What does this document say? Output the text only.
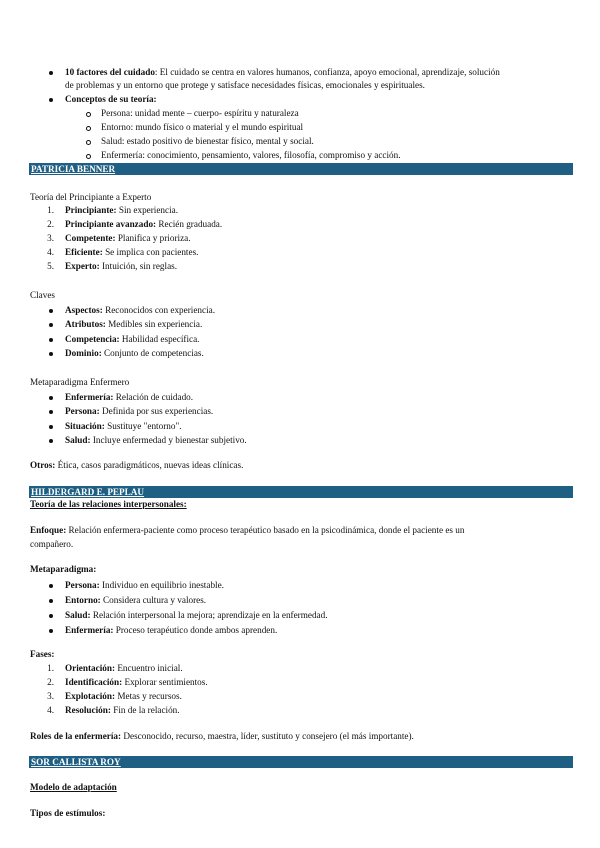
10 factores del cuidado: El cuidado se centra en valores humanos, confianza, apoyo emocional, aprendizaje, solución
de problemas y un entorno que protege y satisface necesidades físicas, emocionales y espirituales.
Conceptos de su teoría:
Persona: unidad mente – cuerpo- espíritu y naturaleza
Entorno: mundo físico o material y el mundo espiritual
Salud: estado positivo de bienestar físico, mental y social.
Enfermería: conocimiento, pensamiento, valores, filosofía, compromiso y acción.
PATRICIA BENNER
Teoría del Principiante a Experto
1. Principiante: Sin experiencia.
2. Principiante avanzado: Recién graduada.
3. Competente: Planifica y prioriza.
4. Eficiente: Se implica con pacientes.
5. Experto: Intuición, sin reglas.
Claves
Aspectos: Reconocidos con experiencia.
Atributos: Medibles sin experiencia.
Competencia: Habilidad específica.
Dominio: Conjunto de competencias.
Metaparadigma Enfermero
Enfermería: Relación de cuidado.
Persona: Definida por sus experiencias.
Situación: Sustituye "entorno".
Salud: Incluye enfermedad y bienestar subjetivo.
Otros: Ética, casos paradigmáticos, nuevas ideas clínicas.
HILDERGARD E. PEPLAU
Teoría de las relaciones interpersonales:
Enfoque: Relación enfermera-paciente como proceso terapéutico basado en la psicodinámica, donde el paciente es un
compañero.
Metaparadigma:
Persona: Individuo en equilibrio inestable.
Entorno: Considera cultura y valores.
Salud: Relación interpersonal la mejora; aprendizaje en la enfermedad.
Enfermería: Proceso terapéutico donde ambos aprenden.
Fases:
1. Orientación: Encuentro inicial.
2. Identificación: Explorar sentimientos.
3. Explotación: Metas y recursos.
4. Resolución: Fin de la relación.
Roles de la enfermería: Desconocido, recurso, maestra, líder, sustituto y consejero (el más importante).
SOR CALLISTA ROY
Modelo de adaptación
Tipos de estímulos:
